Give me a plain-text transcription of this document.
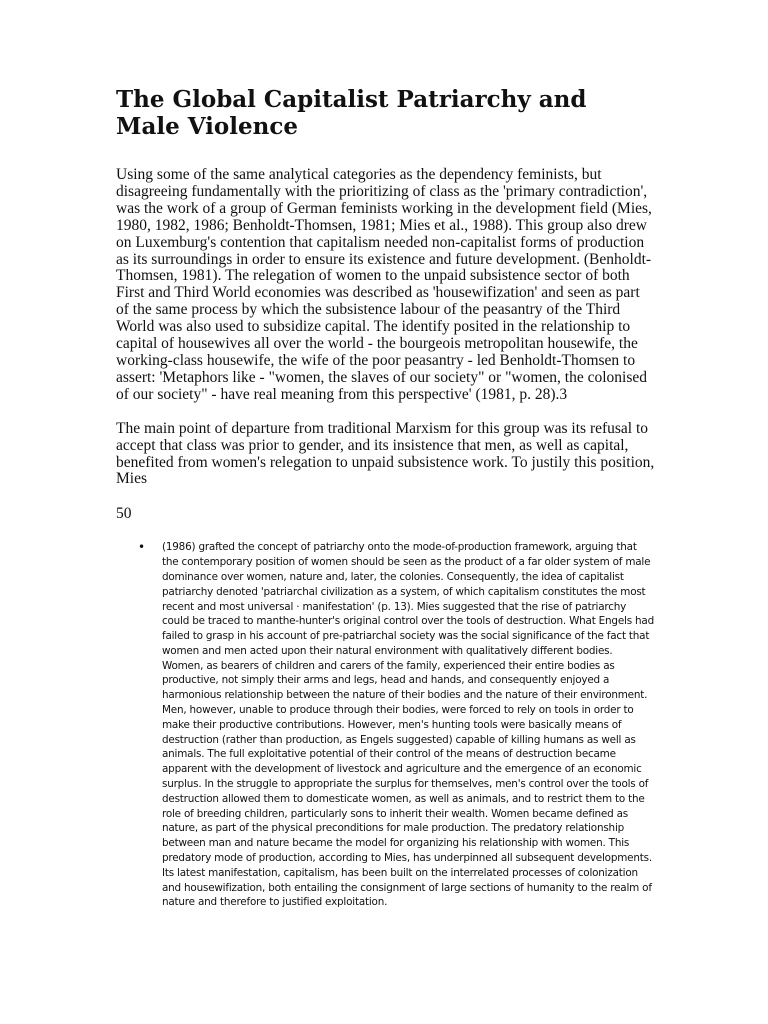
The Global Capitalist Patriarchy and Male Violence

Using some of the same analytical categories as the dependency feminists, but disagreeing fundamentally with the prioritizing of class as the 'primary contradiction', was the work of a group of German feminists working in the development field (Mies, 1980, 1982, 1986; Benholdt-Thomsen, 1981; Mies et al., 1988). This group also drew on Luxemburg's contention that capitalism needed non-capitalist forms of production as its surroundings in order to ensure its existence and future development. (Benholdt-Thomsen, 1981). The relegation of women to the unpaid subsistence sector of both First and Third World economies was described as 'housewifization' and seen as part of the same process by which the subsistence labour of the peasantry of the Third World was also used to subsidize capital. The identify posited in the relationship to capital of housewives all over the world - the bourgeois metropolitan housewife, the working-class housewife, the wife of the poor peasantry - led Benholdt-Thomsen to assert: 'Metaphors like - "women, the slaves of our society" or "women, the colonised of our society" - have real meaning from this perspective' (1981, p. 28).3

The main point of departure from traditional Marxism for this group was its refusal to accept that class was prior to gender, and its insistence that men, as well as capital, benefited from women's relegation to unpaid subsistence work. To justily this position, Mies

50

• (1986) grafted the concept of patriarchy onto the mode-of-production framework, arguing that the contemporary position of women should be seen as the product of a far older system of male dominance over women, nature and, later, the colonies. Consequently, the idea of capitalist patriarchy denoted 'patriarchal civilization as a system, of which capitalism constitutes the most recent and most universal · manifestation' (p. 13). Mies suggested that the rise of patriarchy could be traced to manthe-hunter's original control over the tools of destruction. What Engels had failed to grasp in his account of pre-patriarchal society was the social significance of the fact that women and men acted upon their natural environment with qualitatively different bodies. Women, as bearers of children and carers of the family, experienced their entire bodies as productive, not simply their arms and legs, head and hands, and consequently enjoyed a harmonious relationship between the nature of their bodies and the nature of their environment. Men, however, unable to produce through their bodies, were forced to rely on tools in order to make their productive contributions. However, men's hunting tools were basically means of destruction (rather than production, as Engels suggested) capable of killing humans as well as animals. The full exploitative potential of their control of the means of destruction became apparent with the development of livestock and agriculture and the emergence of an economic surplus. In the struggle to appropriate the surplus for themselves, men's control over the tools of destruction allowed them to domesticate women, as well as animals, and to restrict them to the role of breeding children, particularly sons to inherit their wealth. Women became defined as nature, as part of the physical preconditions for male production. The predatory relationship between man and nature became the model for organizing his relationship with women. This predatory mode of production, according to Mies, has underpinned all subsequent developments. Its latest manifestation, capitalism, has been built on the interrelated processes of colonization and housewifization, both entailing the consignment of large sections of humanity to the realm of nature and therefore to justified exploitation.
